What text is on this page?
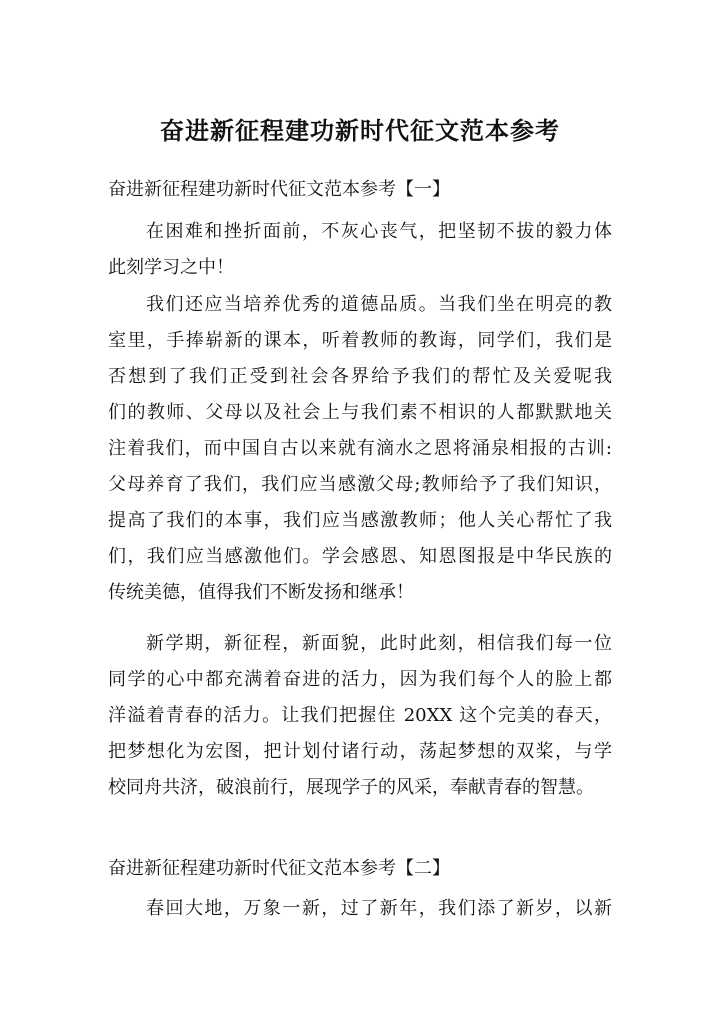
奋进新征程建功新时代征文范本参考
奋进新征程建功新时代征文范本参考【一】
在困难和挫折面前，不灰心丧气，把坚韧不拔的毅力体
此刻学习之中！
我们还应当培养优秀的道德品质。当我们坐在明亮的教
室里，手捧崭新的课本，听着教师的教诲，同学们，我们是
否想到了我们正受到社会各界给予我们的帮忙及关爱呢我
们的教师、父母以及社会上与我们素不相识的人都默默地关
注着我们，而中国自古以来就有滴水之恩将涌泉相报的古训:
父母养育了我们，我们应当感激父母;教师给予了我们知识，
提高了我们的本事，我们应当感激教师；他人关心帮忙了我
们，我们应当感激他们。学会感恩、知恩图报是中华民族的
传统美德，值得我们不断发扬和继承！
新学期，新征程，新面貌，此时此刻，相信我们每一位
同学的心中都充满着奋进的活力，因为我们每个人的脸上都
洋溢着青春的活力。让我们把握住 20XX 这个完美的春天，
把梦想化为宏图，把计划付诸行动，荡起梦想的双桨，与学
校同舟共济，破浪前行，展现学子的风采，奉献青春的智慧。
奋进新征程建功新时代征文范本参考【二】
春回大地，万象一新，过了新年，我们添了新岁，以新
